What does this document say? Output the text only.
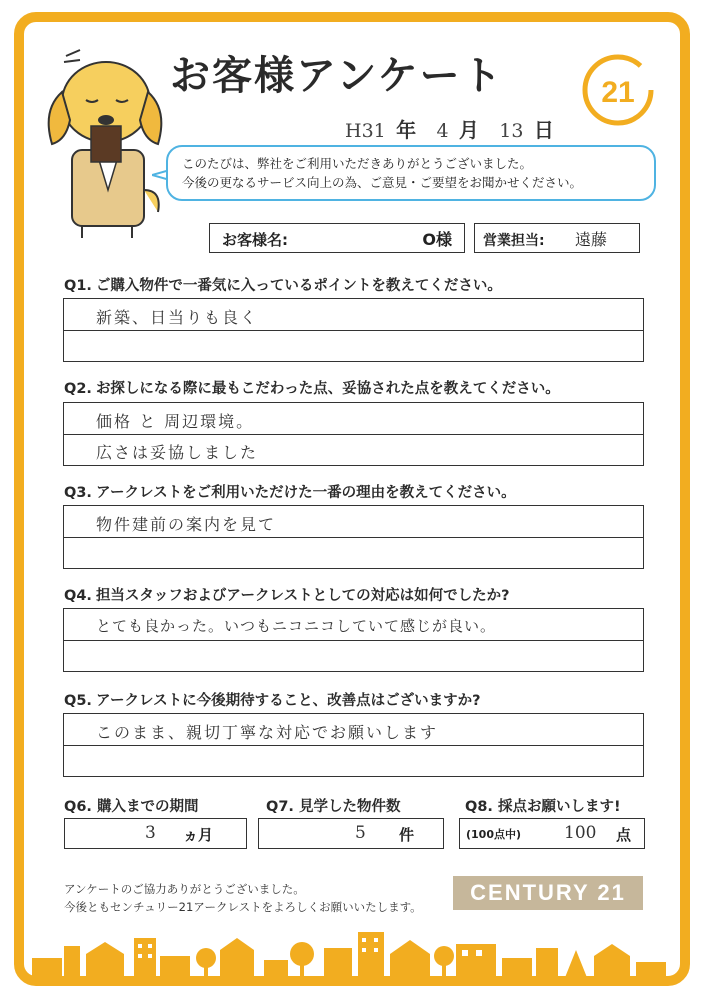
お客様アンケート	21
H31 年 4 月 13 日
このたびは、弊社をご利用いただきありがとうございました。
今後の更なるサービス向上の為、ご意見・ご要望をお聞かせください。
お客様名:	O様 営業担当: 遠藤
Q1. ご購入物件で一番気に入っているポイントを教えてください。
新築、日当りも良く
Q2. お探しになる際に最もこだわった点、妥協された点を教えてください。
価格 と 周辺環境。
広さは妥協しました
Q3. アークレストをご利用いただけた一番の理由を教えてください。
物件建前の案内を見て
Q4. 担当スタッフおよびアークレストとしての対応は如何でしたか?
とても良かった。いつもニコニコしていて感じが良い。
Q5. アークレストに今後期待すること、改善点はございますか?
このまま、親切丁寧な対応でお願いします
Q6. 購入までの期間
3 ヵ月
Q7. 見学した物件数
5 件
Q8. 採点お願いします!
(100点中)	100 点
アンケートのご協力ありがとうございました。
今後ともセンチュリー21アークレストをよろしくお願いいたします。
CENTURY 21
